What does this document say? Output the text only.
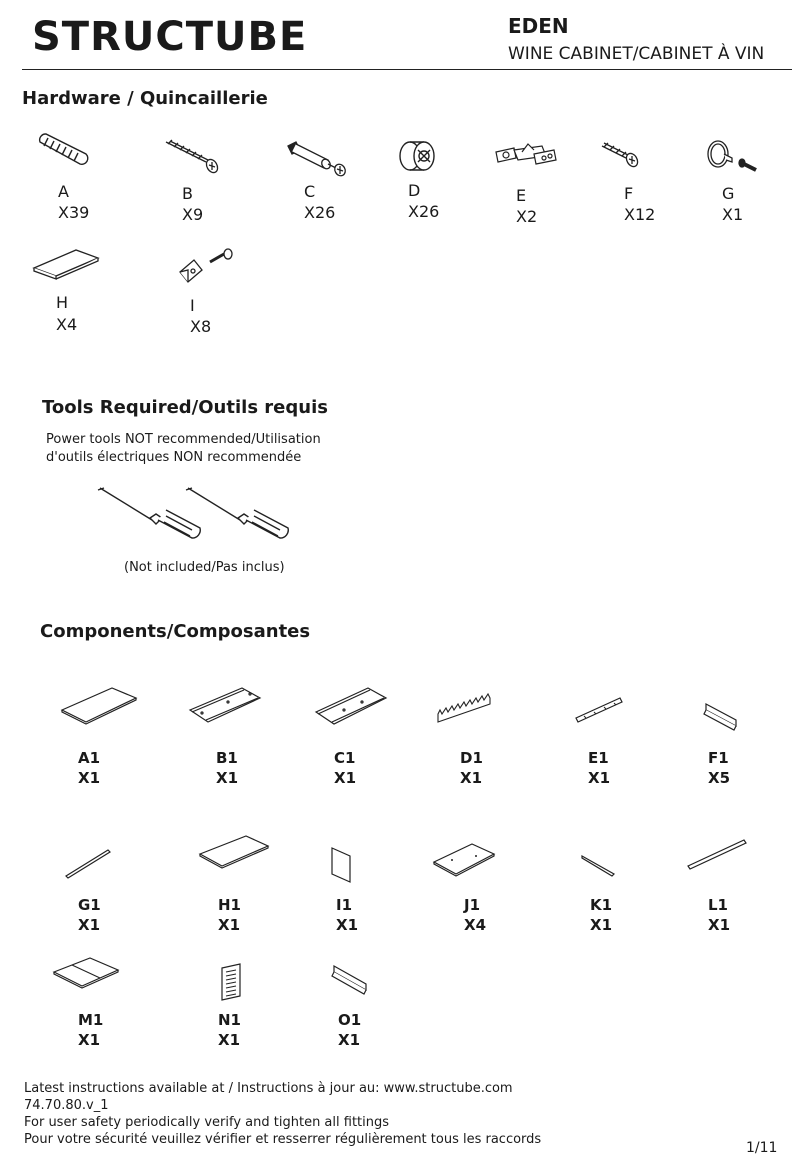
STRUCTUBE	EDEN
WINE CABINET/CABINET À VIN
Hardware / Quincaillerie
A
X39
B
X9
C
X26
D
X26
E
X2
F
X12
G
X1
H
X4
I
X8
Tools Required/Outils requis
Power tools NOT recommended/Utilisation
d'outils électriques NON recommendée
(Not included/Pas inclus)
Components/Composantes
A1
X1
B1
X1
C1
X1
D1
X1
E1
X1
F1
X5
G1
X1
H1
X1
I1
X1
J1
X4
K1
X1
L1
X1
M1
X1
N1
X1
O1
X1
Latest instructions available at / Instructions à jour au: www.structube.com
74.70.80.v_1
For user safety periodically verify and tighten all fittings
Pour votre sécurité veuillez vérifier et resserrer régulièrement tous les raccords
1/11
